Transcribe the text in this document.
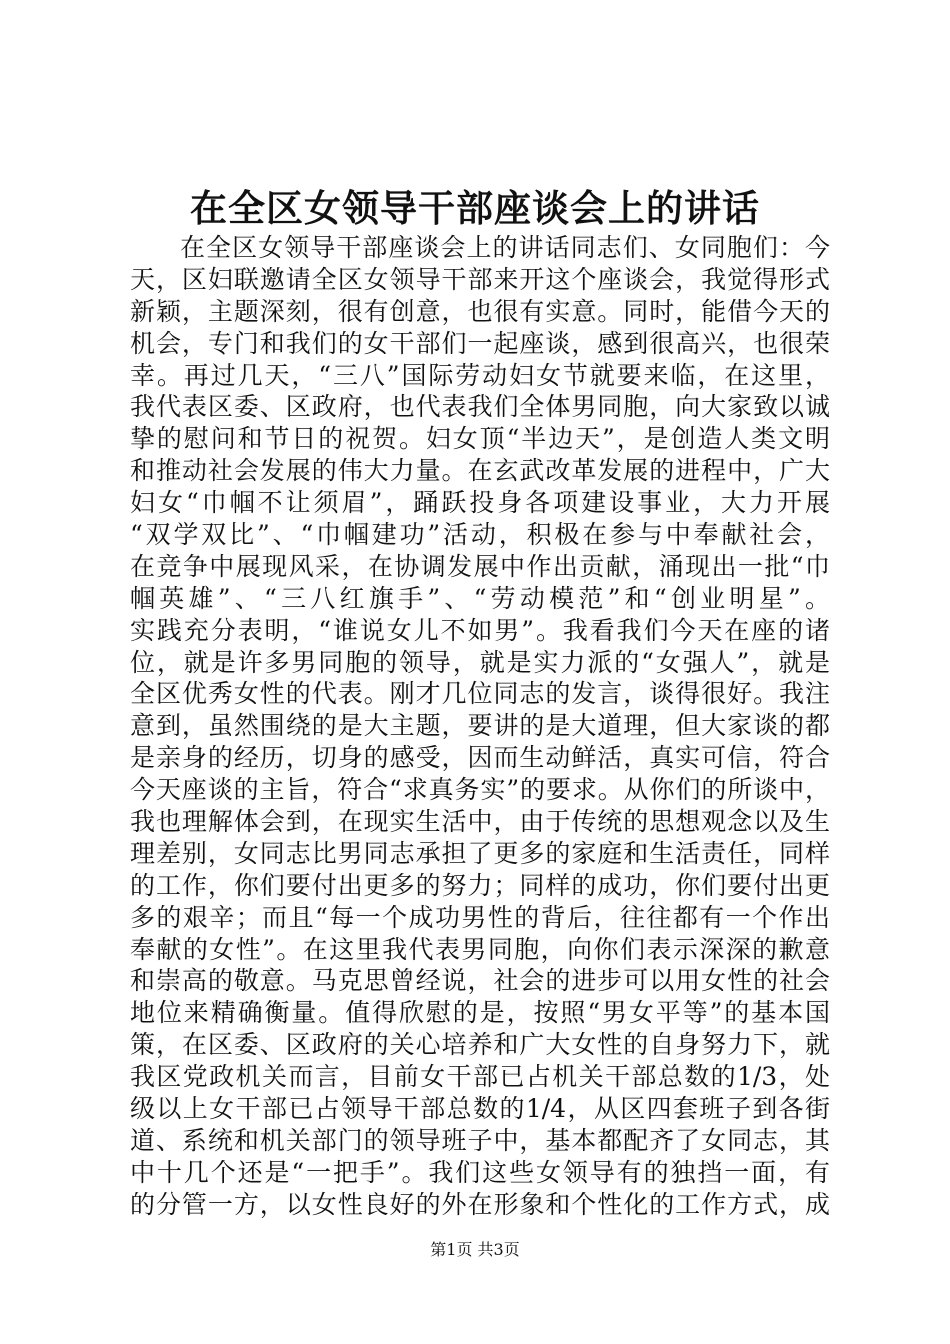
在全区女领导干部座谈会上的讲话
在全区女领导干部座谈会上的讲话同志们、女同胞们：今
天，区妇联邀请全区女领导干部来开这个座谈会，我觉得形式
新颖，主题深刻，很有创意，也很有实意。同时，能借今天的
机会，专门和我们的女干部们一起座谈，感到很高兴，也很荣
幸。再过几天，“三八”国际劳动妇女节就要来临，在这里，
我代表区委、区政府，也代表我们全体男同胞，向大家致以诚
挚的慰问和节日的祝贺。妇女顶“半边天”，是创造人类文明
和推动社会发展的伟大力量。在玄武改革发展的进程中，广大
妇女“巾帼不让须眉”，踊跃投身各项建设事业，大力开展
“双学双比”、“巾帼建功”活动，积极在参与中奉献社会，
在竞争中展现风采，在协调发展中作出贡献，涌现出一批“巾
帼英雄”、“三八红旗手”、“劳动模范”和“创业明星”。
实践充分表明，“谁说女儿不如男”。我看我们今天在座的诸
位，就是许多男同胞的领导，就是实力派的“女强人”，就是
全区优秀女性的代表。刚才几位同志的发言，谈得很好。我注
意到，虽然围绕的是大主题，要讲的是大道理，但大家谈的都
是亲身的经历，切身的感受，因而生动鲜活，真实可信，符合
今天座谈的主旨，符合“求真务实”的要求。从你们的所谈中，
我也理解体会到，在现实生活中，由于传统的思想观念以及生
理差别，女同志比男同志承担了更多的家庭和生活责任，同样
的工作，你们要付出更多的努力；同样的成功，你们要付出更
多的艰辛；而且“每一个成功男性的背后，往往都有一个作出
奉献的女性”。在这里我代表男同胞，向你们表示深深的歉意
和崇高的敬意。马克思曾经说，社会的进步可以用女性的社会
地位来精确衡量。值得欣慰的是，按照“男女平等”的基本国
策，在区委、区政府的关心培养和广大女性的自身努力下，就
我区党政机关而言，目前女干部已占机关干部总数的1/3，处
级以上女干部已占领导干部总数的1/4，从区四套班子到各街
道、系统和机关部门的领导班子中，基本都配齐了女同志，其
中十几个还是“一把手”。我们这些女领导有的独挡一面，有
的分管一方，以女性良好的外在形象和个性化的工作方式，成
第1页 共3页
